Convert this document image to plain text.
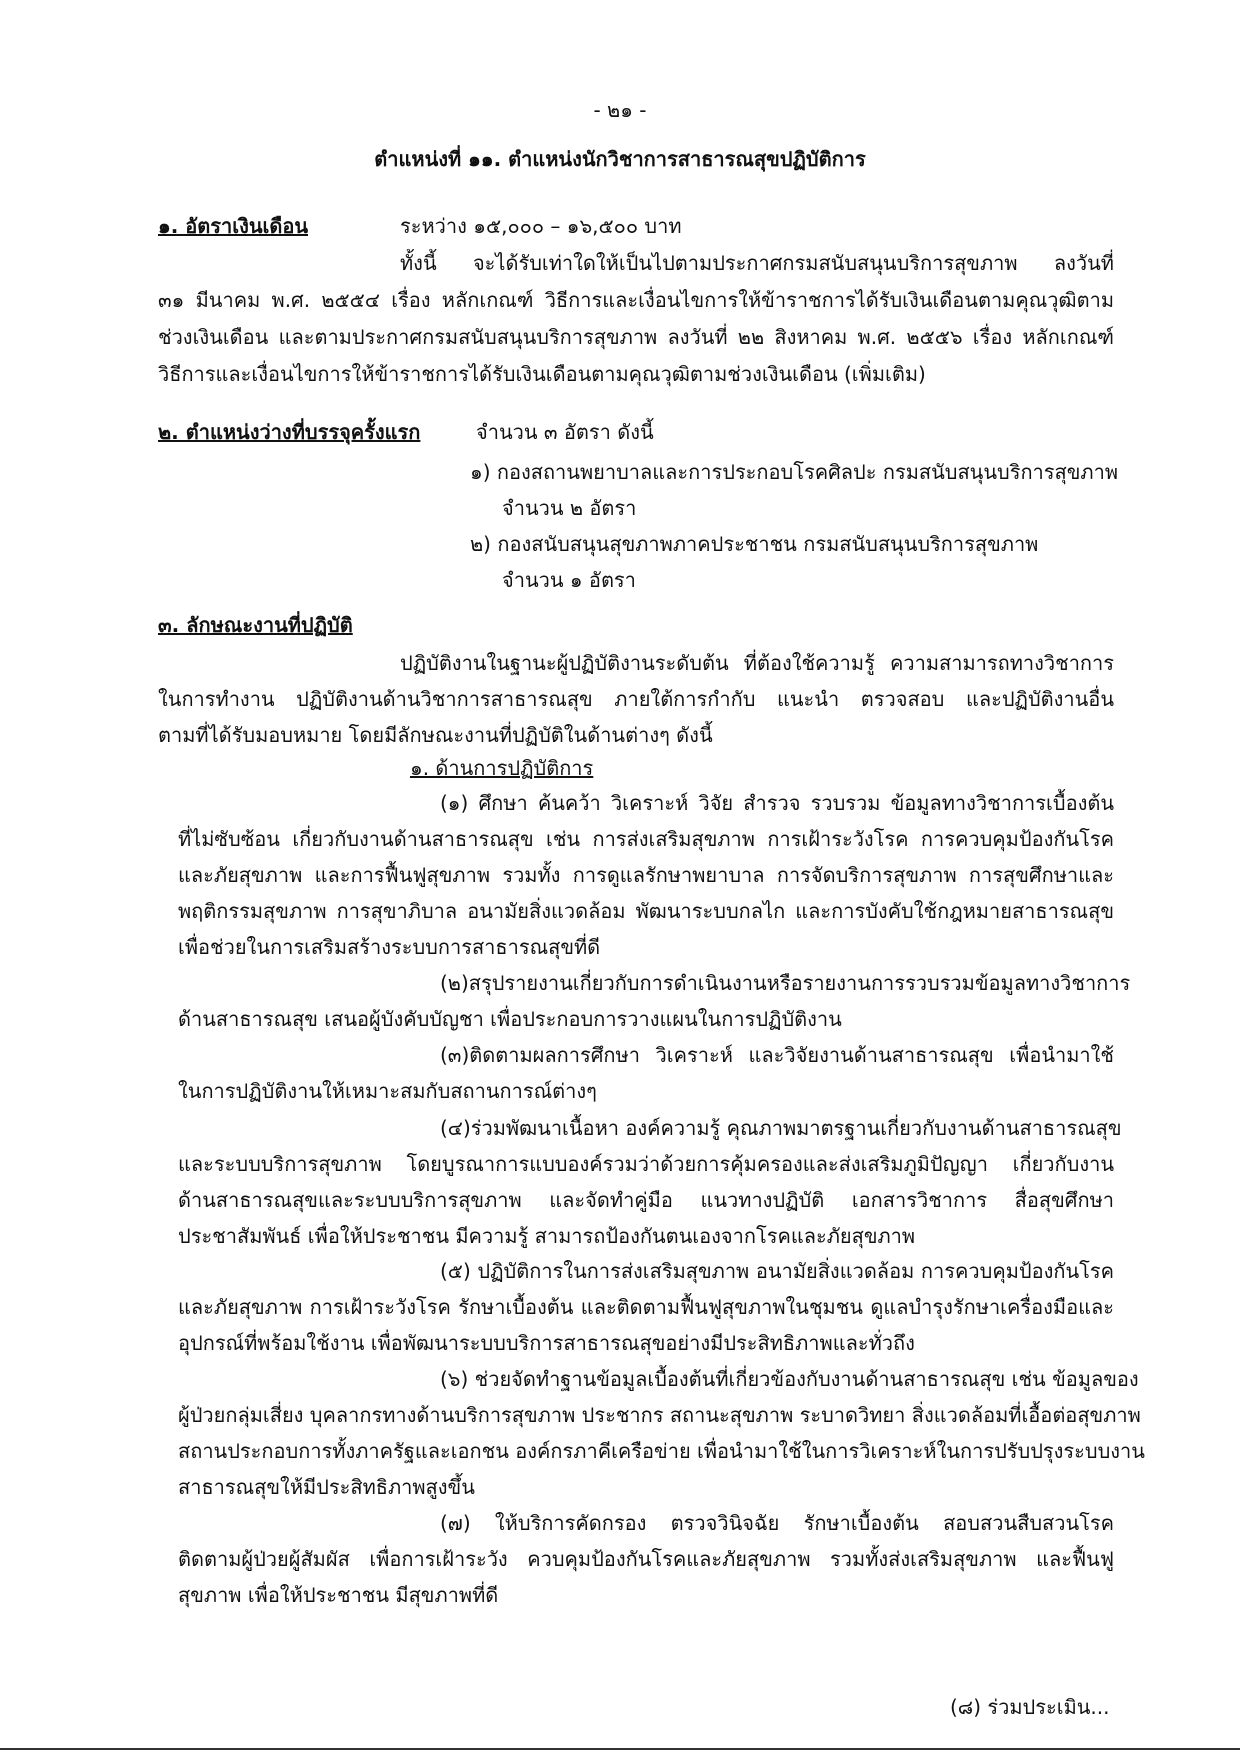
- ๒๑ -
ตำแหน่งที่ ๑๑. ตำแหน่งนักวิชาการสาธารณสุขปฏิบัติการ
๑. อัตราเงินเดือน	ระหว่าง ๑๕,๐๐๐ – ๑๖,๕๐๐ บาท
ทั้งนี้ จะได้รับเท่าใดให้เป็นไปตามประกาศกรมสนับสนุนบริการสุขภาพ ลงวันที่
๓๑ มีนาคม พ.ศ. ๒๕๕๔ เรื่อง หลักเกณฑ์ วิธีการและเงื่อนไขการให้ข้าราชการได้รับเงินเดือนตามคุณวุฒิตาม
ช่วงเงินเดือน และตามประกาศกรมสนับสนุนบริการสุขภาพ ลงวันที่ ๒๒ สิงหาคม พ.ศ. ๒๕๕๖ เรื่อง หลักเกณฑ์
วิธีการและเงื่อนไขการให้ข้าราชการได้รับเงินเดือนตามคุณวุฒิตามช่วงเงินเดือน (เพิ่มเติม)
๒. ตำแหน่งว่างที่บรรจุครั้งแรก	จำนวน ๓ อัตรา ดังนี้
๑) กองสถานพยาบาลและการประกอบโรคศิลปะ กรมสนับสนุนบริการสุขภาพ
จำนวน ๒ อัตรา
๒) กองสนับสนุนสุขภาพภาคประชาชน กรมสนับสนุนบริการสุขภาพ
จำนวน ๑ อัตรา
๓. ลักษณะงานที่ปฏิบัติ
ปฏิบัติงานในฐานะผู้ปฏิบัติงานระดับต้น ที่ต้องใช้ความรู้ ความสามารถทางวิชาการ
ในการทำงาน ปฏิบัติงานด้านวิชาการสาธารณสุข ภายใต้การกำกับ แนะนำ ตรวจสอบ และปฏิบัติงานอื่น
ตามที่ได้รับมอบหมาย โดยมีลักษณะงานที่ปฏิบัติในด้านต่างๆ ดังนี้
๑. ด้านการปฏิบัติการ
(๑) ศึกษา ค้นคว้า วิเคราะห์ วิจัย สำรวจ รวบรวม ข้อมูลทางวิชาการเบื้องต้น
ที่ไม่ซับซ้อน เกี่ยวกับงานด้านสาธารณสุข เช่น การส่งเสริมสุขภาพ การเฝ้าระวังโรค การควบคุมป้องกันโรค
และภัยสุขภาพ และการฟื้นฟูสุขภาพ รวมทั้ง การดูแลรักษาพยาบาล การจัดบริการสุขภาพ การสุขศึกษาและ
พฤติกรรมสุขภาพ การสุขาภิบาล อนามัยสิ่งแวดล้อม พัฒนาระบบกลไก และการบังคับใช้กฎหมายสาธารณสุข
เพื่อช่วยในการเสริมสร้างระบบการสาธารณสุขที่ดี
(๒)สรุปรายงานเกี่ยวกับการดำเนินงานหรือรายงานการรวบรวมข้อมูลทางวิชาการ
ด้านสาธารณสุข เสนอผู้บังคับบัญชา เพื่อประกอบการวางแผนในการปฏิบัติงาน
(๓)ติดตามผลการศึกษา วิเคราะห์ และวิจัยงานด้านสาธารณสุข เพื่อนำมาใช้
ในการปฏิบัติงานให้เหมาะสมกับสถานการณ์ต่างๆ
(๔)ร่วมพัฒนาเนื้อหา องค์ความรู้ คุณภาพมาตรฐานเกี่ยวกับงานด้านสาธารณสุข
และระบบบริการสุขภาพ โดยบูรณาการแบบองค์รวมว่าด้วยการคุ้มครองและส่งเสริมภูมิปัญญา เกี่ยวกับงาน
ด้านสาธารณสุขและระบบบริการสุขภาพ และจัดทำคู่มือ แนวทางปฏิบัติ เอกสารวิชาการ สื่อสุขศึกษา
ประชาสัมพันธ์ เพื่อให้ประชาชน มีความรู้ สามารถป้องกันตนเองจากโรคและภัยสุขภาพ
(๕) ปฏิบัติการในการส่งเสริมสุขภาพ อนามัยสิ่งแวดล้อม การควบคุมป้องกันโรค
และภัยสุขภาพ การเฝ้าระวังโรค รักษาเบื้องต้น และติดตามฟื้นฟูสุขภาพในชุมชน ดูแลบำรุงรักษาเครื่องมือและ
อุปกรณ์ที่พร้อมใช้งาน เพื่อพัฒนาระบบบริการสาธารณสุขอย่างมีประสิทธิภาพและทั่วถึง
(๖) ช่วยจัดทำฐานข้อมูลเบื้องต้นที่เกี่ยวข้องกับงานด้านสาธารณสุข เช่น ข้อมูลของ
ผู้ป่วยกลุ่มเสี่ยง บุคลากรทางด้านบริการสุขภาพ ประชากร สถานะสุขภาพ ระบาดวิทยา สิ่งแวดล้อมที่เอื้อต่อสุขภาพ
สถานประกอบการทั้งภาครัฐและเอกชน องค์กรภาคีเครือข่าย เพื่อนำมาใช้ในการวิเคราะห์ในการปรับปรุงระบบงาน
สาธารณสุขให้มีประสิทธิภาพสูงขึ้น
(๗) ให้บริการคัดกรอง ตรวจวินิจฉัย รักษาเบื้องต้น สอบสวนสืบสวนโรค
ติดตามผู้ป่วยผู้สัมผัส เพื่อการเฝ้าระวัง ควบคุมป้องกันโรคและภัยสุขภาพ รวมทั้งส่งเสริมสุขภาพ และฟื้นฟู
สุขภาพ เพื่อให้ประชาชน มีสุขภาพที่ดี
(๘) ร่วมประเมิน...
